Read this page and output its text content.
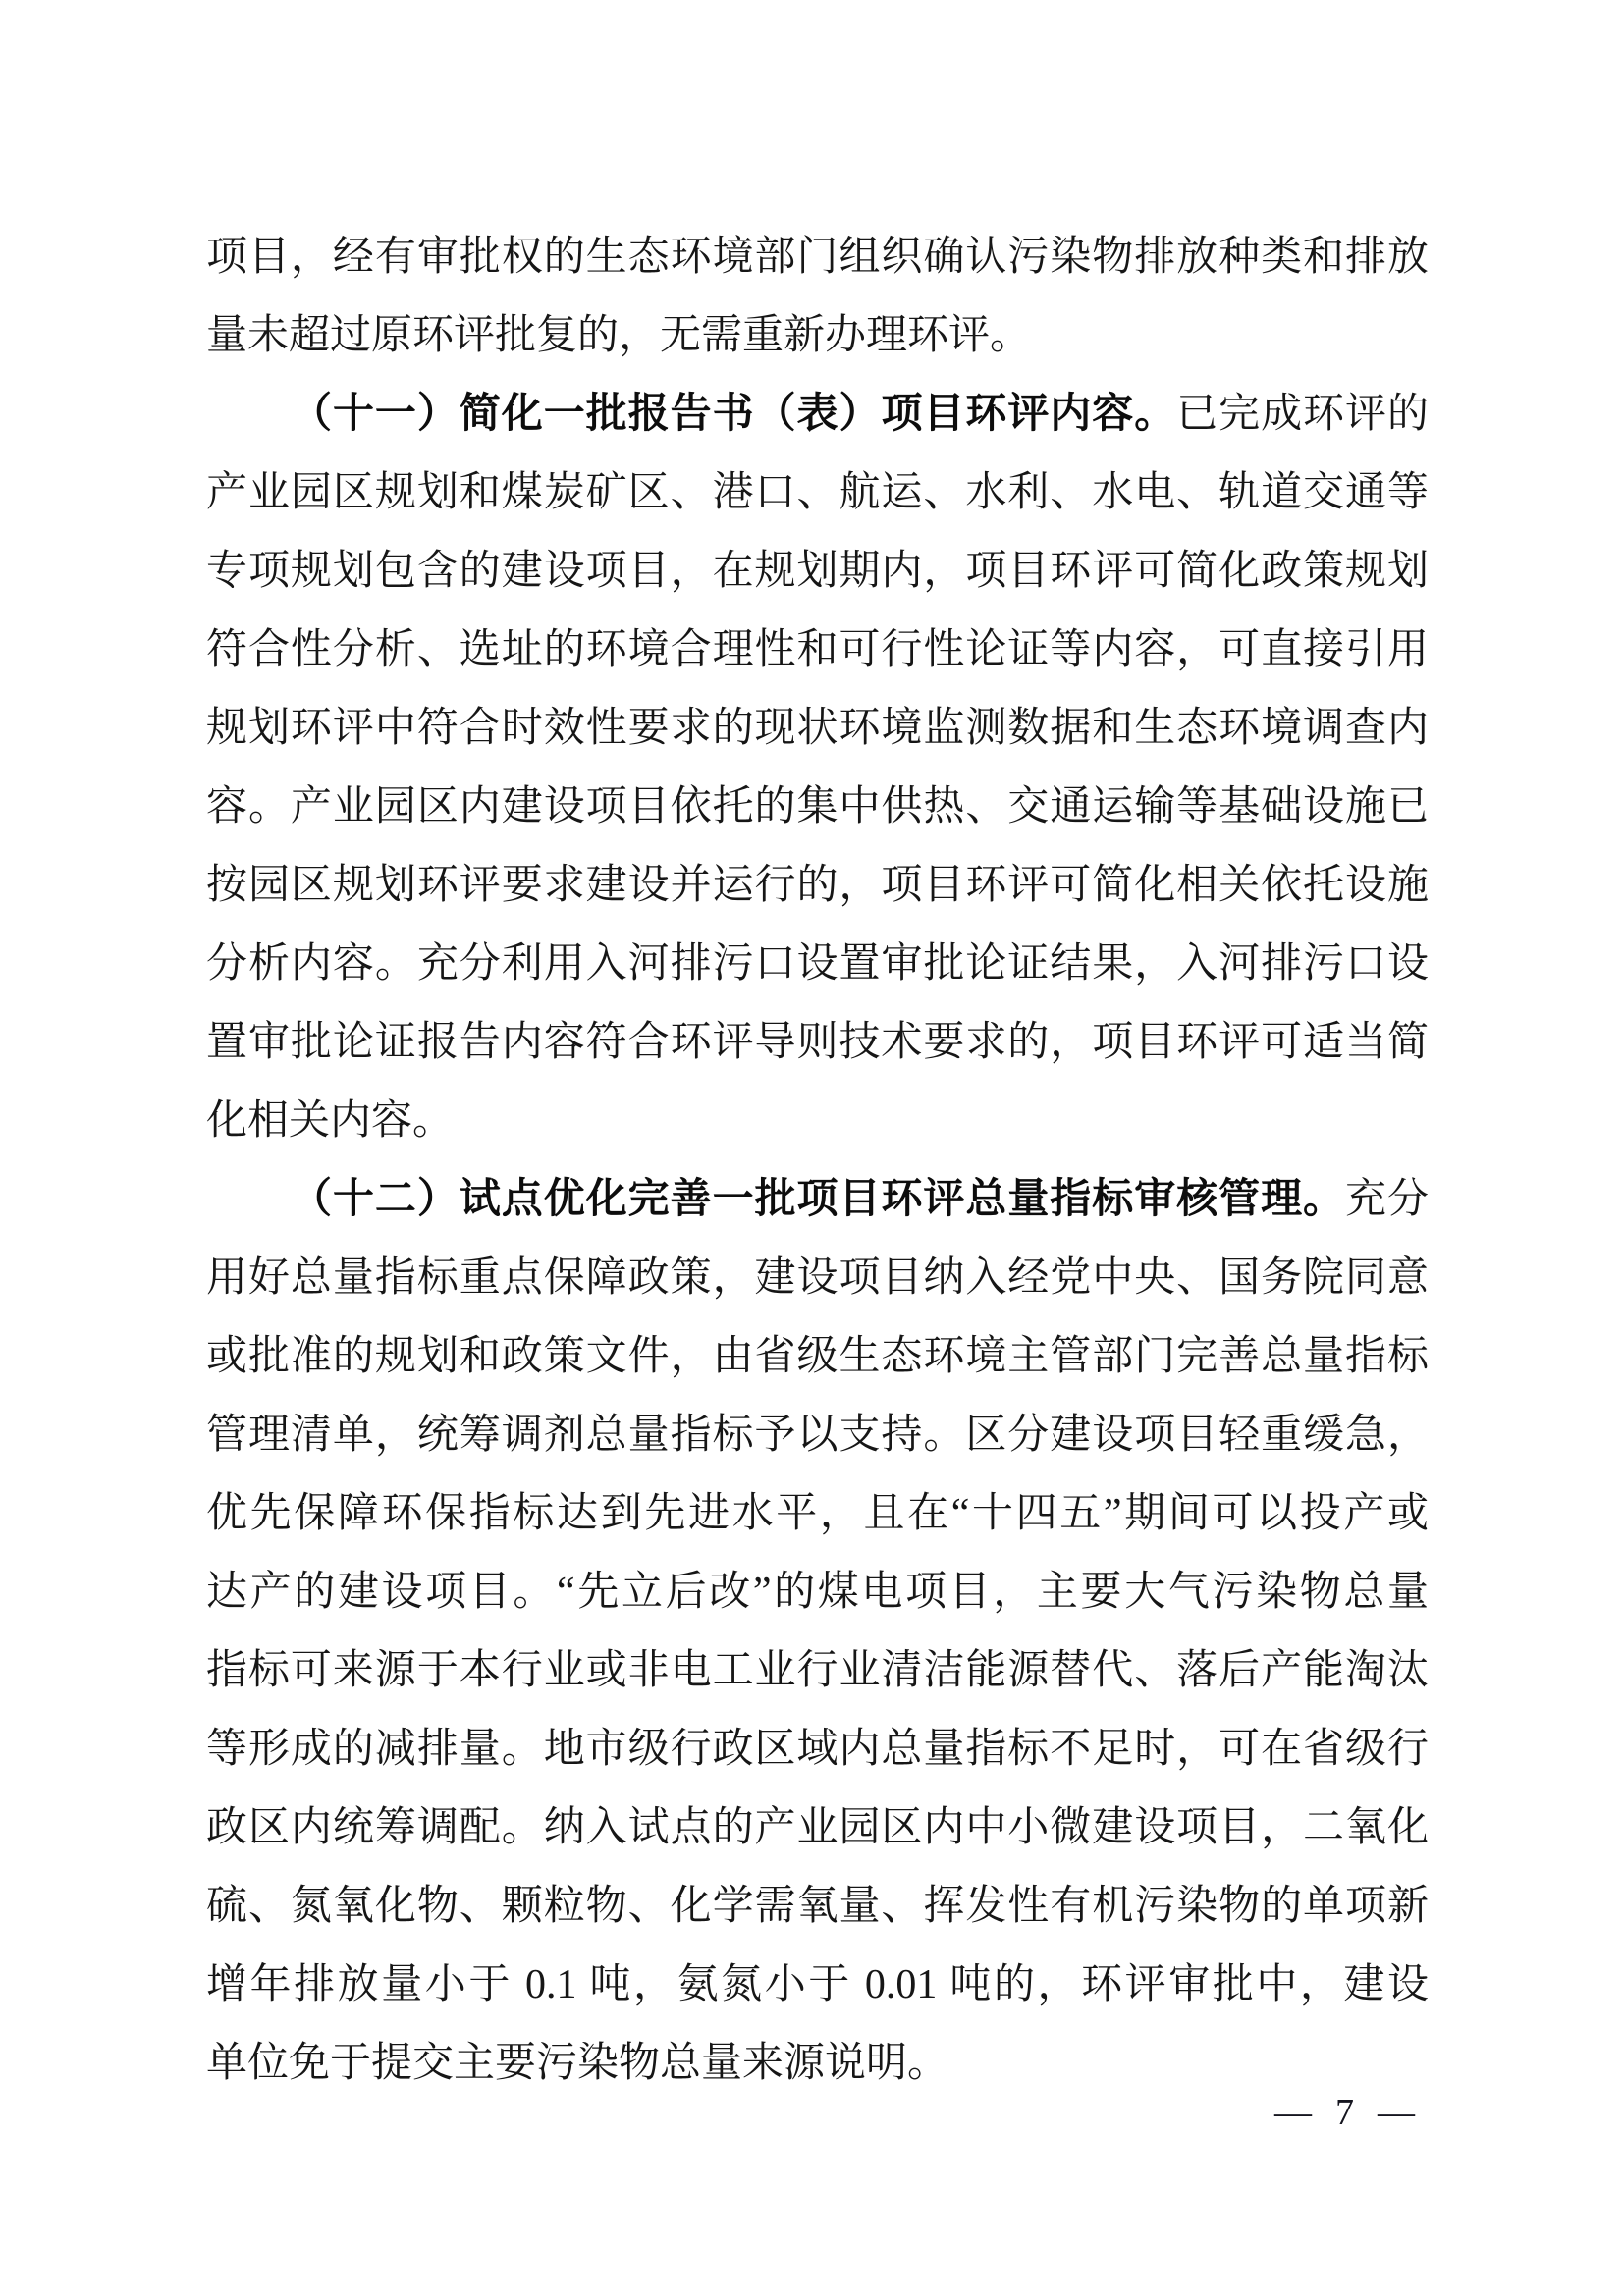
项目，经有审批权的生态环境部门组织确认污染物排放种类和排放
量未超过原环评批复的，无需重新办理环评。
（十一）简化一批报告书（表）项目环评内容。已完成环评的
产业园区规划和煤炭矿区、港口、航运、水利、水电、轨道交通等
专项规划包含的建设项目，在规划期内，项目环评可简化政策规划
符合性分析、选址的环境合理性和可行性论证等内容，可直接引用
规划环评中符合时效性要求的现状环境监测数据和生态环境调查内
容。产业园区内建设项目依托的集中供热、交通运输等基础设施已
按园区规划环评要求建设并运行的，项目环评可简化相关依托设施
分析内容。充分利用入河排污口设置审批论证结果，入河排污口设
置审批论证报告内容符合环评导则技术要求的，项目环评可适当简
化相关内容。
（十二）试点优化完善一批项目环评总量指标审核管理。充分
用好总量指标重点保障政策，建设项目纳入经党中央、国务院同意
或批准的规划和政策文件，由省级生态环境主管部门完善总量指标
管理清单，统筹调剂总量指标予以支持。区分建设项目轻重缓急，
优先保障环保指标达到先进水平，且在“十四五”期间可以投产或
达产的建设项目。“先立后改”的煤电项目，主要大气污染物总量
指标可来源于本行业或非电工业行业清洁能源替代、落后产能淘汰
等形成的减排量。地市级行政区域内总量指标不足时，可在省级行
政区内统筹调配。纳入试点的产业园区内中小微建设项目，二氧化
硫、氮氧化物、颗粒物、化学需氧量、挥发性有机污染物的单项新
增年排放量小于 0.1 吨，氨氮小于 0.01 吨的，环评审批中，建设
单位免于提交主要污染物总量来源说明。
— 7 —
